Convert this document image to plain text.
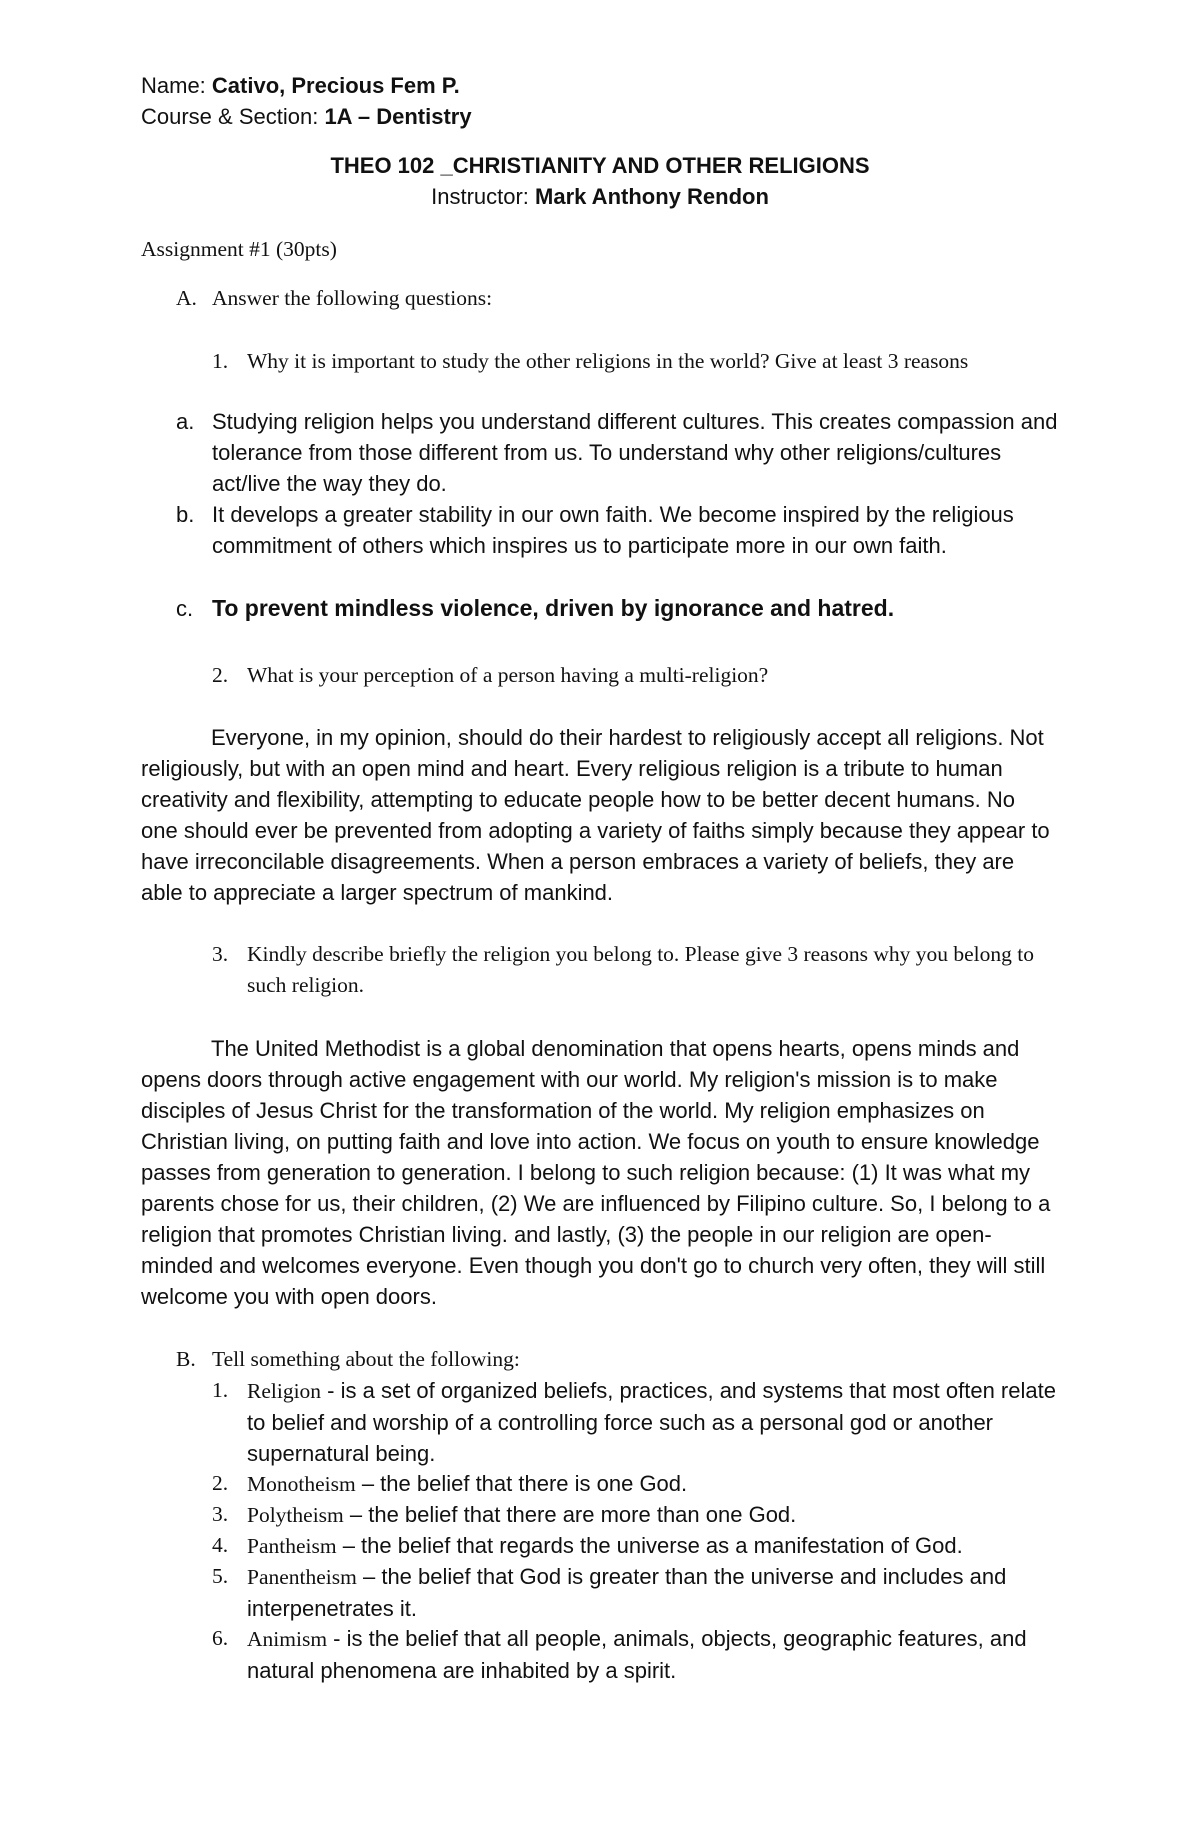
Name: Cativo, Precious Fem P.
Course & Section: 1A – Dentistry
THEO 102 _CHRISTIANITY AND OTHER RELIGIONS
Instructor: Mark Anthony Rendon
Assignment #1 (30pts)
A. Answer the following questions:
1. Why it is important to study the other religions in the world? Give at least 3 reasons
a. Studying religion helps you understand different cultures. This creates compassion and tolerance from those different from us. To understand why other religions/cultures act/live the way they do.
b. It develops a greater stability in our own faith. We become inspired by the religious commitment of others which inspires us to participate more in our own faith.
c. To prevent mindless violence, driven by ignorance and hatred.
2. What is your perception of a person having a multi-religion?
Everyone, in my opinion, should do their hardest to religiously accept all religions. Not religiously, but with an open mind and heart. Every religious religion is a tribute to human creativity and flexibility, attempting to educate people how to be better decent humans. No one should ever be prevented from adopting a variety of faiths simply because they appear to have irreconcilable disagreements. When a person embraces a variety of beliefs, they are able to appreciate a larger spectrum of mankind.
3. Kindly describe briefly the religion you belong to. Please give 3 reasons why you belong to such religion.
The United Methodist is a global denomination that opens hearts, opens minds and opens doors through active engagement with our world. My religion's mission is to make disciples of Jesus Christ for the transformation of the world. My religion emphasizes on Christian living, on putting faith and love into action. We focus on youth to ensure knowledge passes from generation to generation. I belong to such religion because: (1) It was what my parents chose for us, their children, (2) We are influenced by Filipino culture. So, I belong to a religion that promotes Christian living. and lastly, (3) the people in our religion are open-minded and welcomes everyone. Even though you don't go to church very often, they will still welcome you with open doors.
B. Tell something about the following:
1. Religion - is a set of organized beliefs, practices, and systems that most often relate to belief and worship of a controlling force such as a personal god or another supernatural being.
2. Monotheism – the belief that there is one God.
3. Polytheism – the belief that there are more than one God.
4. Pantheism – the belief that regards the universe as a manifestation of God.
5. Panentheism – the belief that God is greater than the universe and includes and interpenetrates it.
6. Animism - is the belief that all people, animals, objects, geographic features, and natural phenomena are inhabited by a spirit.
